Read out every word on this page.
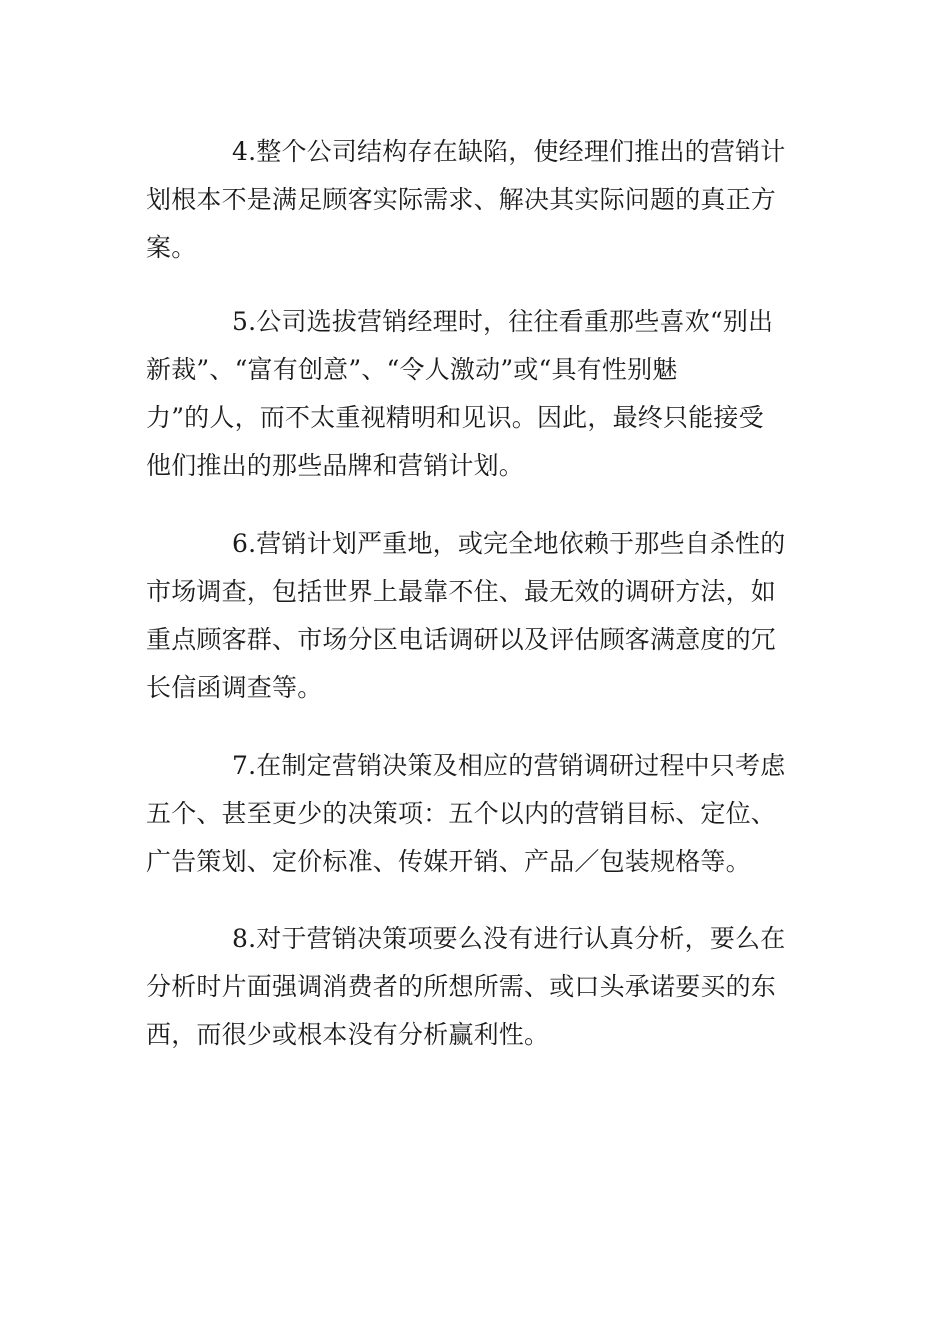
4.整个公司结构存在缺陷，使经理们推出的营销计
划根本不是满足顾客实际需求、解决其实际问题的真正方
案。

5.公司选拔营销经理时，往往看重那些喜欢“别出
新裁”、“富有创意”、“令人激动”或“具有性别魅
力”的人，而不太重视精明和见识。因此，最终只能接受
他们推出的那些品牌和营销计划。

6.营销计划严重地，或完全地依赖于那些自杀性的
市场调查，包括世界上最靠不住、最无效的调研方法，如
重点顾客群、市场分区电话调研以及评估顾客满意度的冗
长信函调查等。

7.在制定营销决策及相应的营销调研过程中只考虑
五个、甚至更少的决策项：五个以内的营销目标、定位、
广告策划、定价标准、传媒开销、产品／包装规格等。

8.对于营销决策项要么没有进行认真分析，要么在
分析时片面强调消费者的所想所需、或口头承诺要买的东
西，而很少或根本没有分析赢利性。
